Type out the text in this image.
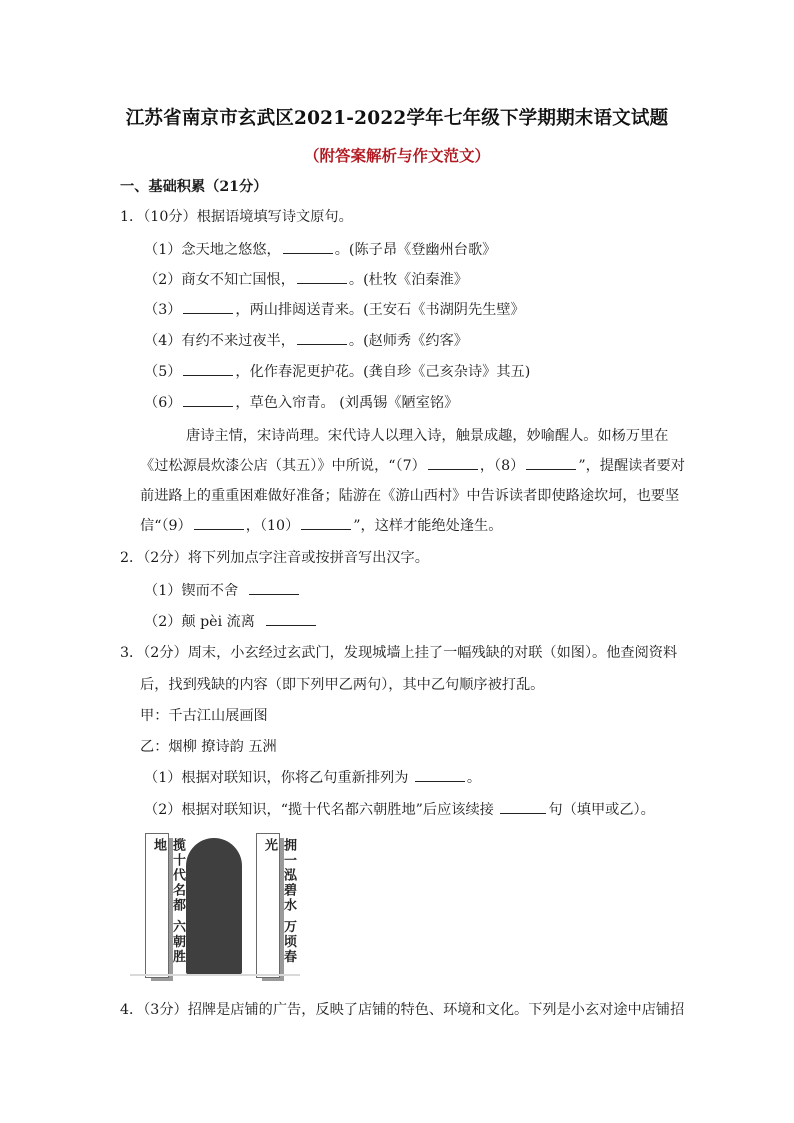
江苏省南京市玄武区2021-2022学年七年级下学期期末语文试题
（附答案解析与作文范文）
一、基础积累（21分）
1．（10分）根据语境填写诗文原句。
（1）念天地之悠悠，	。(陈子昂《登幽州台歌》
（2）商女不知亡国恨，	。(杜牧《泊秦淮》
（3）	，两山排闼送青来。(王安石《书湖阴先生壁》
（4）有约不来过夜半，	。(赵师秀《约客》
（5）	，化作春泥更护花。(龚自珍《己亥杂诗》其五)
（6）	，草色入帘青。 (刘禹锡《陋室铭》
唐诗主情，宋诗尚理。宋代诗人以理入诗，触景成趣，妙喻醒人。如杨万里在
《过松源晨炊漆公店（其五）》中所说，“（7）	，（8）	”，提醒读者要对
前进路上的重重困难做好准备；陆游在《游山西村》中告诉读者即使路途坎坷，也要坚
信“（9）	，（10）	”，这样才能绝处逢生。
2．（2分）将下列加点字注音或按拼音写出汉字。
（1）锲而不舍
（2）颠 pèi 流离
3．（2分）周末，小玄经过玄武门，发现城墙上挂了一幅残缺的对联（如图）。他查阅资料
后，找到残缺的内容（即下列甲乙两句），其中乙句顺序被打乱。
甲：千古江山展画图
乙：烟柳 撩诗韵 五洲
（1）根据对联知识，你将乙句重新排列为	。
（2）根据对联知识，“揽十代名都六朝胜地”后应该续接	句（填甲或乙）。
揽十代名都 六朝胜地	拥一泓碧水 万顷春光
4．（3分）招牌是店铺的广告，反映了店铺的特色、环境和文化。下列是小玄对途中店铺招
